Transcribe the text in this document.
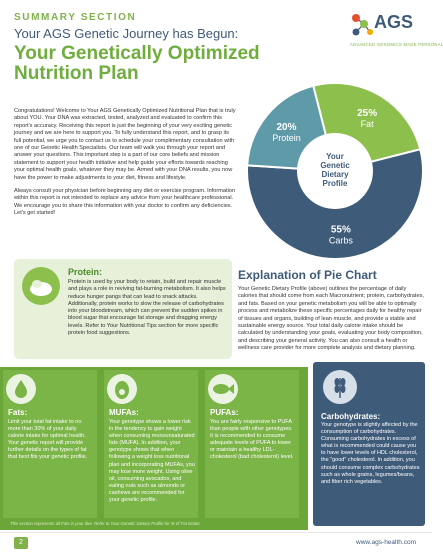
SUMMARY SECTION
Your AGS Genetic Journey has Begun:
Your Genetically Optimized Nutrition Plan
AGS
ADVANCED GENOMICS MADE PERSONAL

Congratulations! Welcome to Your AGS Genetically Optimized Nutritional Plan that is truly about YOU. Your DNA was extracted, tested, analyzed and evaluated to confirm this report's accuracy. Receiving this report is just the beginning of your very exciting genetic journey and we are here to support you. To fully understand this report, and to grasp its full potential, we urge you to contact us to schedule your complimentary consultation with one of our Genetic Health Specialists. Our team will walk you through your report and answer your questions. This important step is a part of our core beliefs and mission statement to support your health initiative and help guide your efforts towards reaching your optimal health goals, whatever they may be. Armed with your DNA results, you now have the power to make adjustments to your diet, fitness and lifestyle.

Always consult your physician before beginning any diet or exercise program. Information within this report is not intended to replace any advice from your healthcare professional. We encourage you to share this information with your doctor to confirm any deficiencies. Let's get started!

Your
Genetic
Dietary
Profile
25%
Fat
55%
Carbs
20%
Protein
Explanation of Pie Chart
Your Genetic Dietary Profile (above) outlines the percentage of daily calories that should come from each Macronutrient; protein, carbohydrates, and fats. Based on your genetic metabolism you will be able to optimally process and metabolize these specific percentages daily for healthy repair of tissues and organs, building of lean muscle, and provide a stable and sustainable energy source. Your total daily calorie intake should be calculated by understanding your goals, evaluating your body composition, and describing your general activity. You can also consult a health or wellness care provider for more complete analysis and dietary planning.
Protein:
Protein is used by your body to retain, build and repair muscle and plays a role in reviving fat-burning metabolism. It also helps reduce hunger pangs that can lead to snack attacks. Additionally, protein works to slow the release of carbohydrates into your bloodstream, which can prevent the sudden spikes in blood sugar that encourage fat storage and dragging energy levels. Refer to Your Nutritional Tips section for more specific protein food suggestions.
Fats:
Limit your total fat intake to no more than 30% of your daily calorie intake for optimal health. Your genetic report will provide further details on the types of fat that best fits your genetic profile.
MUFAs:
Your genotype shows a lower risk in the tendency to gain weight when consuming monounsaturated fats (MUFA). In addition, your genotype shows that when following a weight loss nutritional plan and incorporating MUFAs, you may lose more weight. Using olive oil, consuming avocados, and eating nuts such as almonds or cashews are recommended for your genetic profile.
PUFAs:
You are fairly responsive to PUFA than people with other genotypes. It is recommended to consume adequate levels of PUFA to lower or maintain a healthy LDL-cholesterol (bad cholesterol) level.
Carbohydrates:
Your genotype is slightly affected by the consumption of carbohydrates. Consuming carbohydrates in excess of what is recommended could cause you to have lower levels of HDL cholesterol, the "good" cholesterol. In addition, you should consume complex carbohydrates such as whole grains, legumes/beans, and fiber rich vegetables.
This section represents all Fats in your diet. Refer to Your Genetic Dietary Profile for % of Fat intake.
2	www.ags-health.com
